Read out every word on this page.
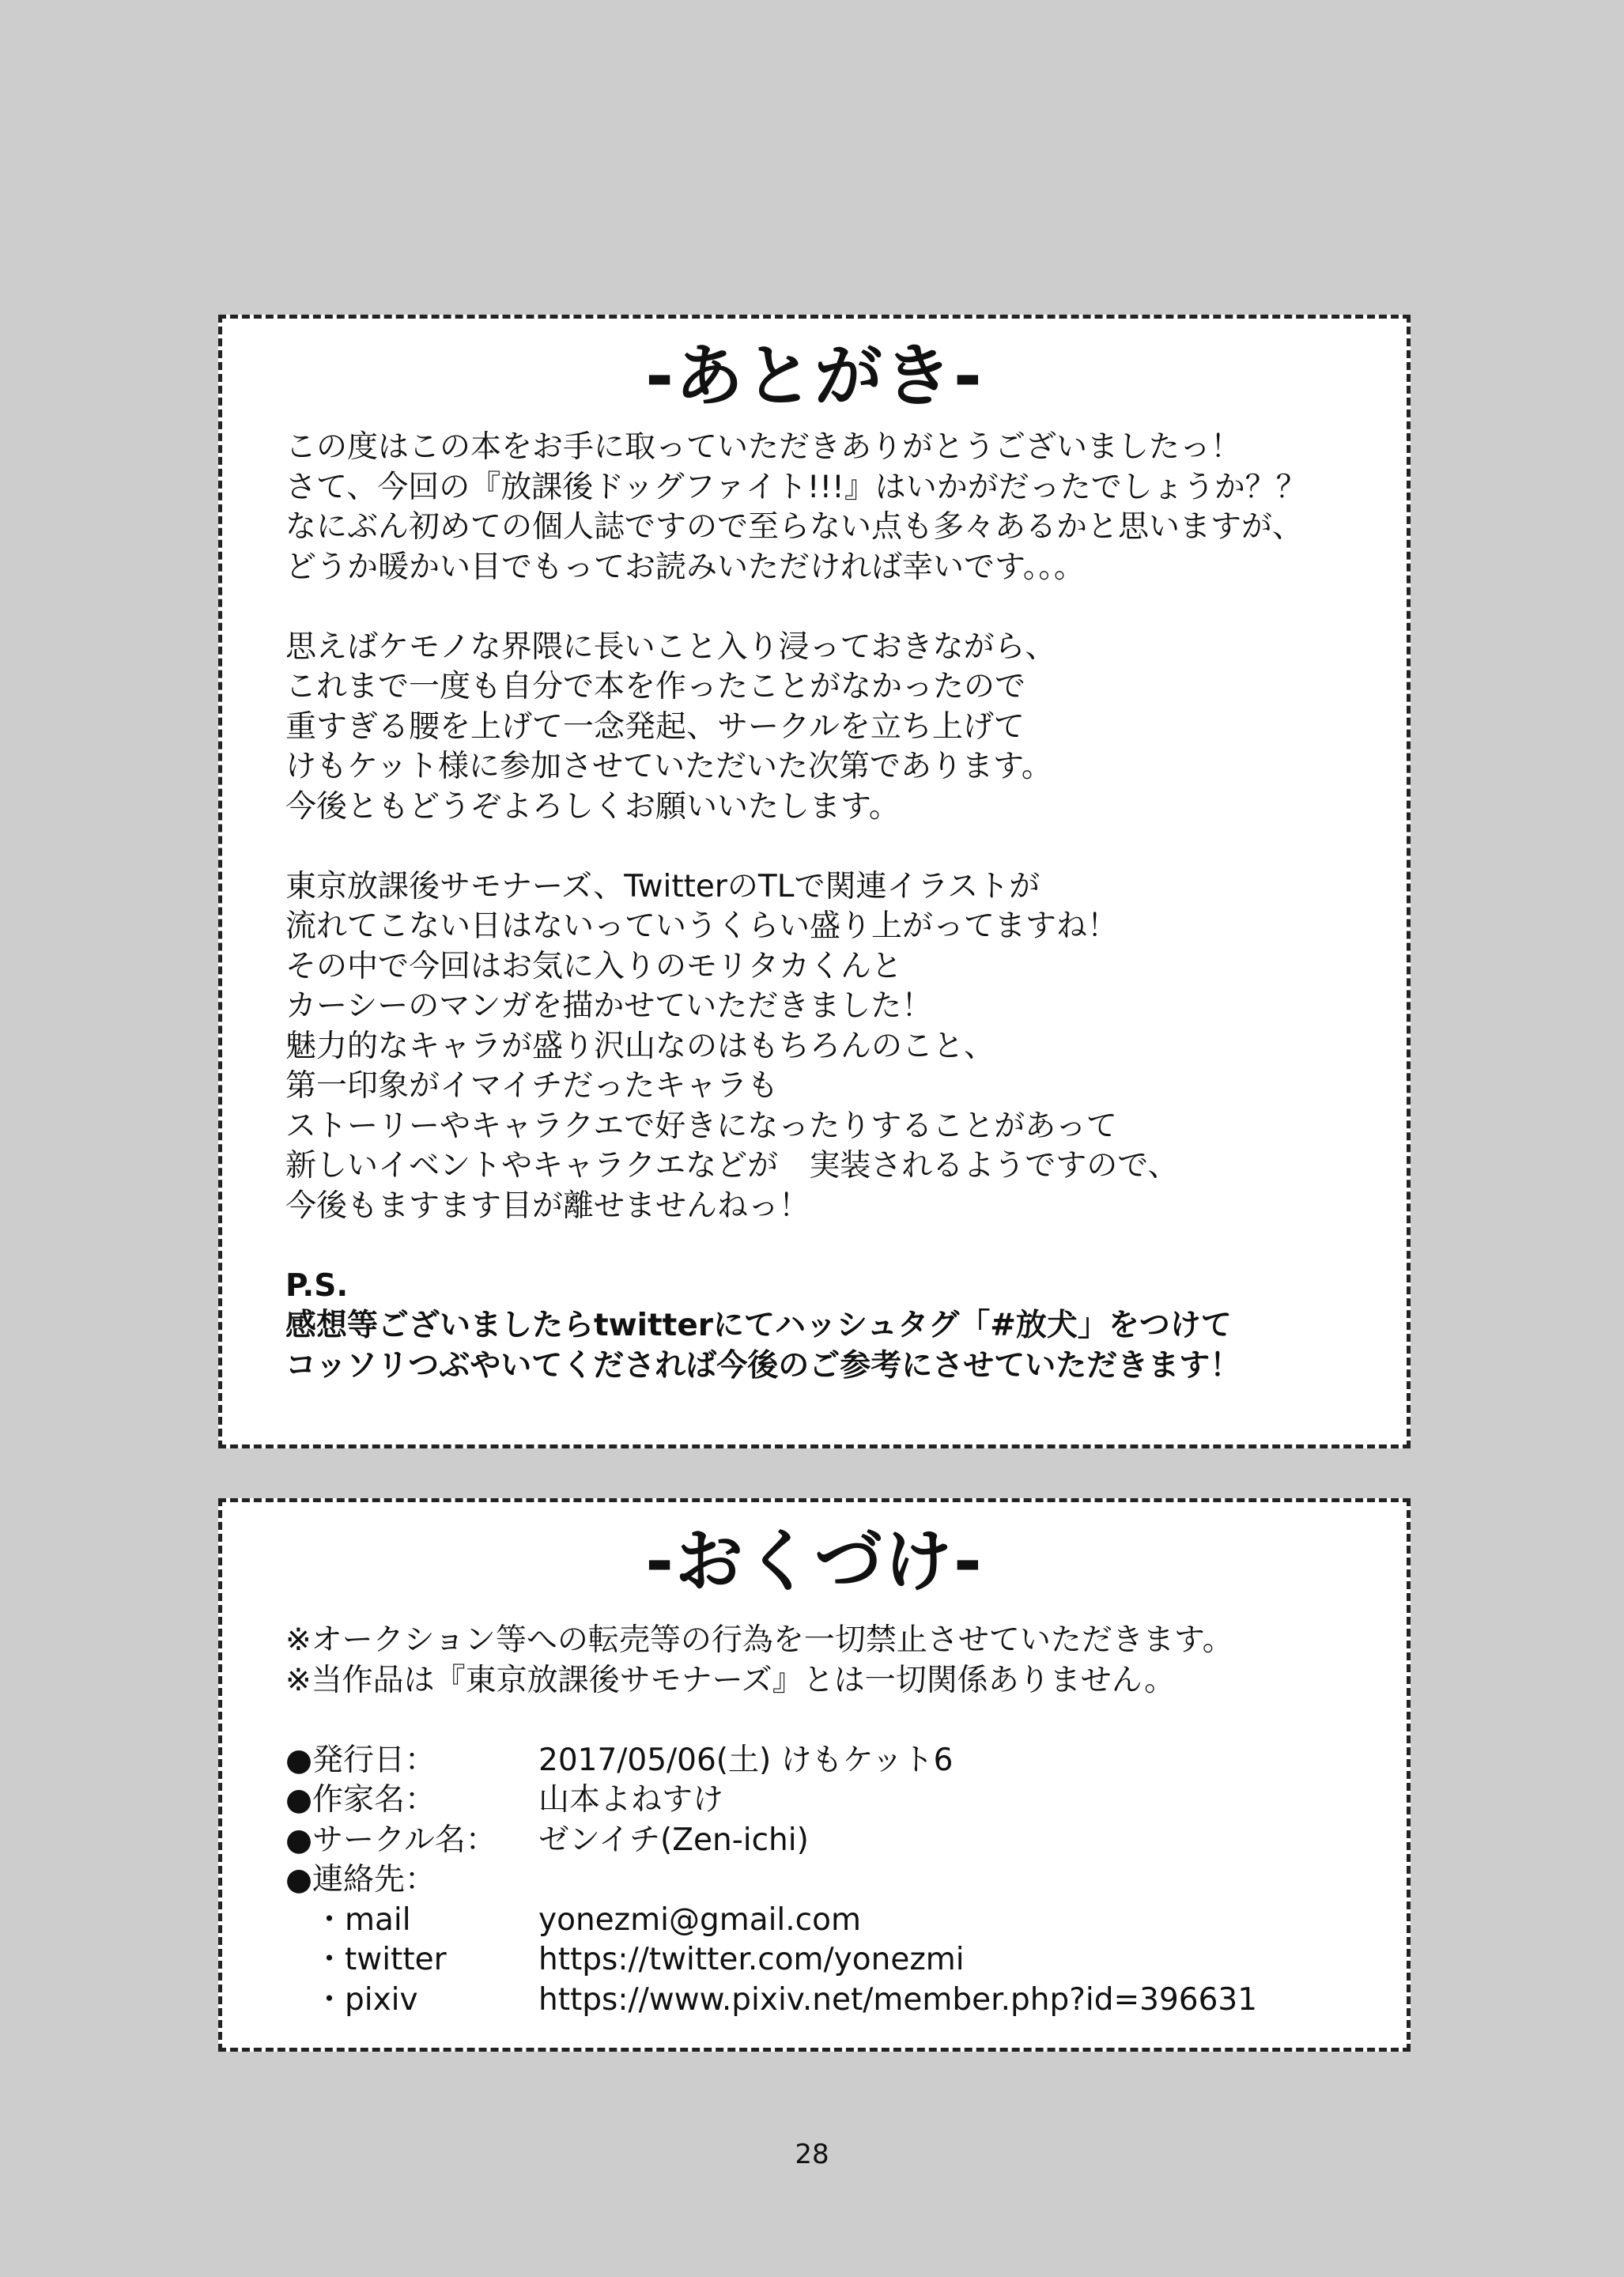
-あとがき-
この度はこの本をお手に取っていただきありがとうございましたっ！
さて、今回の『放課後ドッグファイト!!!』はいかがだったでしょうか？？
なにぶん初めての個人誌ですので至らない点も多々あるかと思いますが、
どうか暖かい目でもってお読みいただければ幸いです。。。
思えばケモノな界隈に長いこと入り浸っておきながら、
これまで一度も自分で本を作ったことがなかったので
重すぎる腰を上げて一念発起、サークルを立ち上げて
けもケット様に参加させていただいた次第であります。
今後ともどうぞよろしくお願いいたします。
東京放課後サモナーズ、TwitterのTLで関連イラストが
流れてこない日はないっていうくらい盛り上がってますね！
その中で今回はお気に入りのモリタカくんと
カーシーのマンガを描かせていただきました！
魅力的なキャラが盛り沢山なのはもちろんのこと、
第一印象がイマイチだったキャラも
ストーリーやキャラクエで好きになったりすることがあって
新しいイベントやキャラクエなどが　実装されるようですので、
今後もますます目が離せませんねっ！
P.S.
感想等ございましたらtwitterにてハッシュタグ「#放犬」をつけて
コッソリつぶやいてくだされば今後のご参考にさせていただきます！
-おくづけ-
※オークション等への転売等の行為を一切禁止させていただきます。
※当作品は『東京放課後サモナーズ』とは一切関係ありません。
●発行日：	2017/05/06(土) けもケット6
●作家名：	山本よねすけ
●サークル名：	ゼンイチ(Zen-ichi)
●連絡先：
・mail	yonezmi@gmail.com
・twitter	https://twitter.com/yonezmi
・pixiv	https://www.pixiv.net/member.php?id=396631
28
